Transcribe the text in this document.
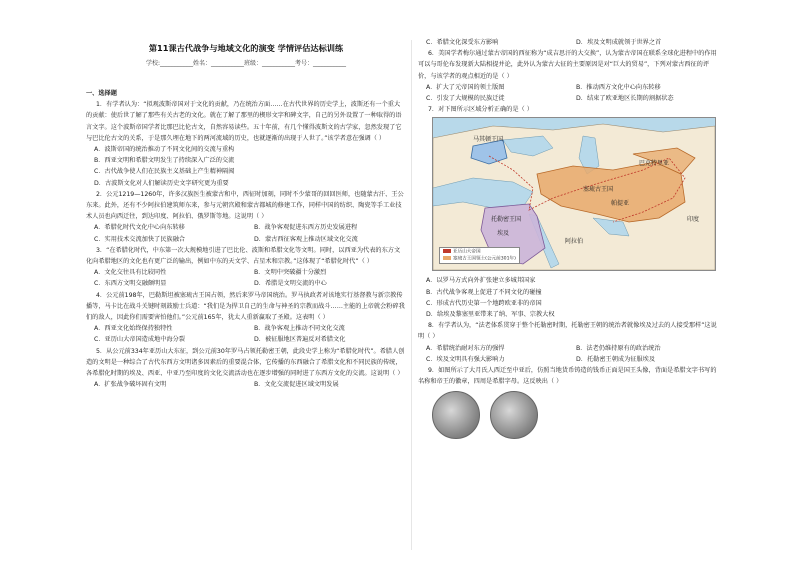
第11课古代战争与地域文化的演变 学情评估达标训练
学校:___________姓名：___________班级：___________考号：___________
一、选择题
1．有学者认为：“拟观波斯帝国对于文化的贡献，乃在统治方面……在古代世界的历史学上，波斯还有一个重大的贡献：使后世了解了那些有关古老的文化。就在了解了那里的楔形文字和碑文字，自己的另外设置了一种取得的语言文字。这个波斯帝国学者比那巴比伦古文，自然容易读些。五十年前，有几个懂得波斯文的古学家，忽然发现了它与巴比伦古文的关系，于是那久埋在地下的两河流域的历史，也就逐渐的出现于人世了。”该学者意在强调（ ）
A．波斯帝国的统治推动了不同文化间的交流与重构
B．西亚文明和希腊文明发生了持续深入广泛的交流
C．古代战争使人们在民族主义基础上产生精神隔阂
D．古波斯文化对人们解读历史文字研究更为重要
2．公元1219—1260年，许多汉族医生被蒙古和中，西征时加刻，同时不少蒙哥的回回医师，也随蒙古汗、王公东来。此外，还有不少阿拉伯建筑师东来，参与元朝宫殿和蒙古都城的修建工作，同样中国的纺织、陶瓷等手工业技术人员也向西迁往，到达印度、阿拉伯、俄罗斯等地。这说明（ ）
A．希腊化时代文化中心向东转移	B．战争客观促进东西方历史发展进程
C．实用技术交流加快了民族融合	D．蒙古西征客观上推动区域文化交流
3．“在希腊化时代，中东第一次大规模地引进了巴比伦、波斯和希腊文化等文明。同时，以西亚为代表的东方文化向希腊地区的文化也有更广泛的输出，例如中东的天文学、占星术和宗教。”这体现了“希腊化时代”（ ）
A．文化交往具有比较同性	B．文明中突破疆十分激烈
C．东西方文明交融颇明显	D．希腊是文明交流的中心
4．公元前198年，巴勒斯坦被塞琉古王国占领，然后来罗马帝国统治。罗马执政者对该地实行基督教与新宗教传播等，马卡比在战斗关键时刻鼓励士兵道：“我们是为捍卫自己的生命与神圣的宗教而战斗……主能的上帝就会粉碎我们的敌人，因此你们需要害怕他们。”公元前165年，犹太人重新赢取了圣殿。这表明（ ）
A．西亚文化始终保持独特性	B．战争客观上推动不同文化交流
C．亚历山大帝国造成地中海分裂	D．被征服地区普遍反对希腊文化
5．从公元前334年亚历山大东征，到公元前30年罗马占领托勒密王朝，此段史学上称为“希腊化时代”。希腊人创造的文明是一种综合了古代东西方文明诸多因素后的重要混合体，它传播的东西融合了希腊文化和不同民族的传统，各希腊化时期的埃及、西亚、中亚乃至印度的文化交流活动也在逐步增强的同时进了东西方文化的交流。这说明（ ）
A．扩张战争破坏固有文明	B．文化交流促进区域文明发展
C．希腊文化深受东方影响	D．埃及文明成就领于世界之首
6．美国学者梅尔通过蒙古帝国的西征称为“成吉思汗的大交换”，认为蒙古帝国在联系全球化进程中的作用可以与哥伦布发现新大陆相提并论，此外认为蒙古大征的主要原因是对“巨大的贸易”，下列对蒙古西征的评价，与该学者的观点相近的是（ ）
A．扩大了元帝国的领土版图	B．推动西方文化中心向东转移
C．引发了大规模的民族迁徙	D．结束了欧亚地区长期的割据状态
7．对下图所示区域分析正确的是（ ）
马其顿王国
塞琉古王国
巴克特里亚
埃及
托勒密王国
帕提亚
印度
阿拉伯
亚历山大帝国
塞琉古王国领土(公元前301年)
A．以罗马方式向外扩张建立多城邦国家
B．古代战争客观上促进了不同文化的碰撞
C．形成古代历史第一个地跨欧亚非的帝国
D．给埃及黎塞里亚带来了纳、军事、宗教大权
8．有学者认为，“法老体系贯穿于整个托勒密时期，托勒密王朝的统治者就像埃及过去的人接受那样”这说明（ ）
A．希腊统治耐对东方的强悍	B．法老仍维持原有的政治统治
C．埃及文明具有强大影响力	D．托勒密王朝成为征服埃及
9．如图所示了大月氏人西迁至中亚后，仿照当地货币铸造的钱币正面是国王头像，背面是希腊文字书写的名称和帝王的徽章，四周是希腊字母。这反映出（ ）
